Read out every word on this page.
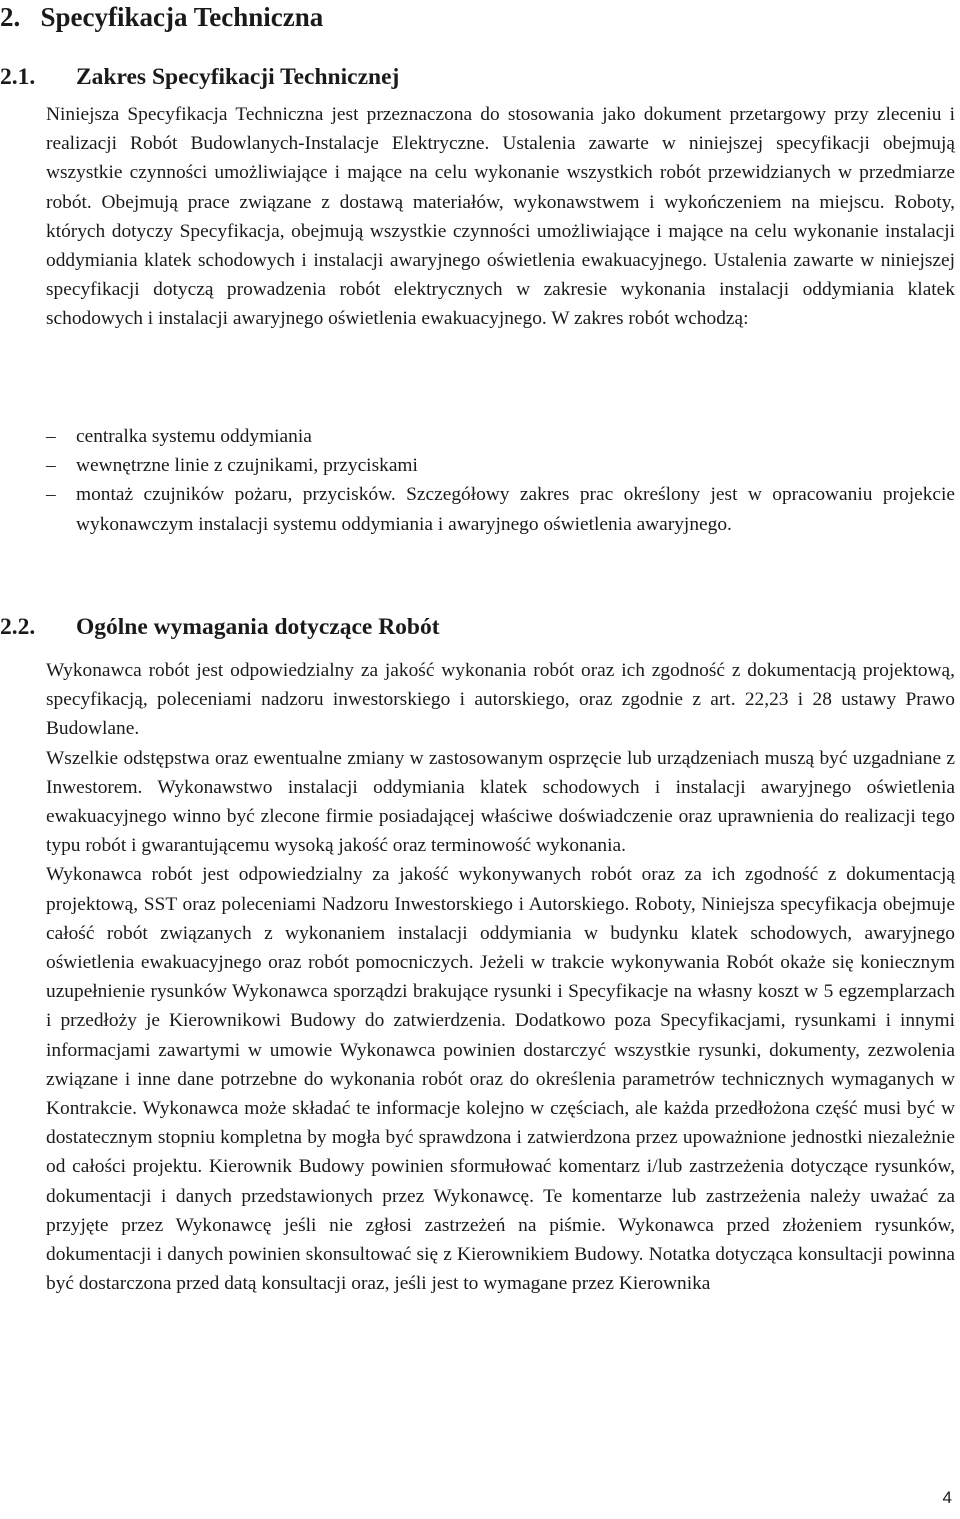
2. Specyfikacja Techniczna
2.1. Zakres Specyfikacji Technicznej

Niniejsza Specyfikacja Techniczna jest przeznaczona do stosowania jako dokument przetargowy przy zleceniu i realizacji Robót Budowlanych-Instalacje Elektryczne. Ustalenia zawarte w niniejszej specyfikacji obejmują wszystkie czynności umożliwiające i mające na celu wykonanie wszystkich robót przewidzianych w przedmiarze robót. Obejmują prace związane z dostawą materiałów, wykonawstwem i wykończeniem na miejscu. Roboty, których dotyczy Specyfikacja, obejmują wszystkie czynności umożliwiające i mające na celu wykonanie instalacji oddymiania klatek schodowych i instalacji awaryjnego oświetlenia ewakuacyjnego. Ustalenia zawarte w niniejszej specyfikacji dotyczą prowadzenia robót elektrycznych w zakresie wykonania instalacji oddymiania klatek schodowych i instalacji awaryjnego oświetlenia ewakuacyjnego. W zakres robót wchodzą:

–	centralka systemu oddymiania
–	wewnętrzne linie z czujnikami, przyciskami
–	montaż czujników pożaru, przycisków. Szczegółowy zakres prac określony jest w opracowaniu projekcie wykonawczym instalacji systemu oddymiania i awaryjnego oświetlenia awaryjnego.
2.2. Ogólne wymagania dotyczące Robót

Wykonawca robót jest odpowiedzialny za jakość wykonania robót oraz ich zgodność z dokumentacją projektową, specyfikacją, poleceniami nadzoru inwestorskiego i autorskiego, oraz zgodnie z art. 22,23 i 28 ustawy Prawo Budowlane.

Wszelkie odstępstwa oraz ewentualne zmiany w zastosowanym osprzęcie lub urządzeniach muszą być uzgadniane z Inwestorem. Wykonawstwo instalacji oddymiania klatek schodowych i instalacji awaryjnego oświetlenia ewakuacyjnego winno być zlecone firmie posiadającej właściwe doświadczenie oraz uprawnienia do realizacji tego typu robót i gwarantującemu wysoką jakość oraz terminowość wykonania.

Wykonawca robót jest odpowiedzialny za jakość wykonywanych robót oraz za ich zgodność z dokumentacją projektową, SST oraz poleceniami Nadzoru Inwestorskiego i Autorskiego. Roboty, Niniejsza specyfikacja obejmuje całość robót związanych z wykonaniem instalacji oddymiania w budynku klatek schodowych, awaryjnego oświetlenia ewakuacyjnego oraz robót pomocniczych. Jeżeli w trakcie wykonywania Robót okaże się koniecznym uzupełnienie rysunków Wykonawca sporządzi brakujące rysunki i Specyfikacje na własny koszt w 5 egzemplarzach i przedłoży je Kierownikowi Budowy do zatwierdzenia. Dodatkowo poza Specyfikacjami, rysunkami i innymi informacjami zawartymi w umowie Wykonawca powinien dostarczyć wszystkie rysunki, dokumenty, zezwolenia związane i inne dane potrzebne do wykonania robót oraz do określenia parametrów technicznych wymaganych w Kontrakcie. Wykonawca może składać te informacje kolejno w częściach, ale każda przedłożona część musi być w dostatecznym stopniu kompletna by mogła być sprawdzona i zatwierdzona przez upoważnione jednostki niezależnie od całości projektu. Kierownik Budowy powinien sformułować komentarz i/lub zastrzeżenia dotyczące rysunków, dokumentacji i danych przedstawionych przez Wykonawcę. Te komentarze lub zastrzeżenia należy uważać za przyjęte przez Wykonawcę jeśli nie zgłosi zastrzeżeń na piśmie. Wykonawca przed złożeniem rysunków, dokumentacji i danych powinien skonsultować się z Kierownikiem Budowy. Notatka dotycząca konsultacji powinna być dostarczona przed datą konsultacji oraz, jeśli jest to wymagane przez Kierownika

4
